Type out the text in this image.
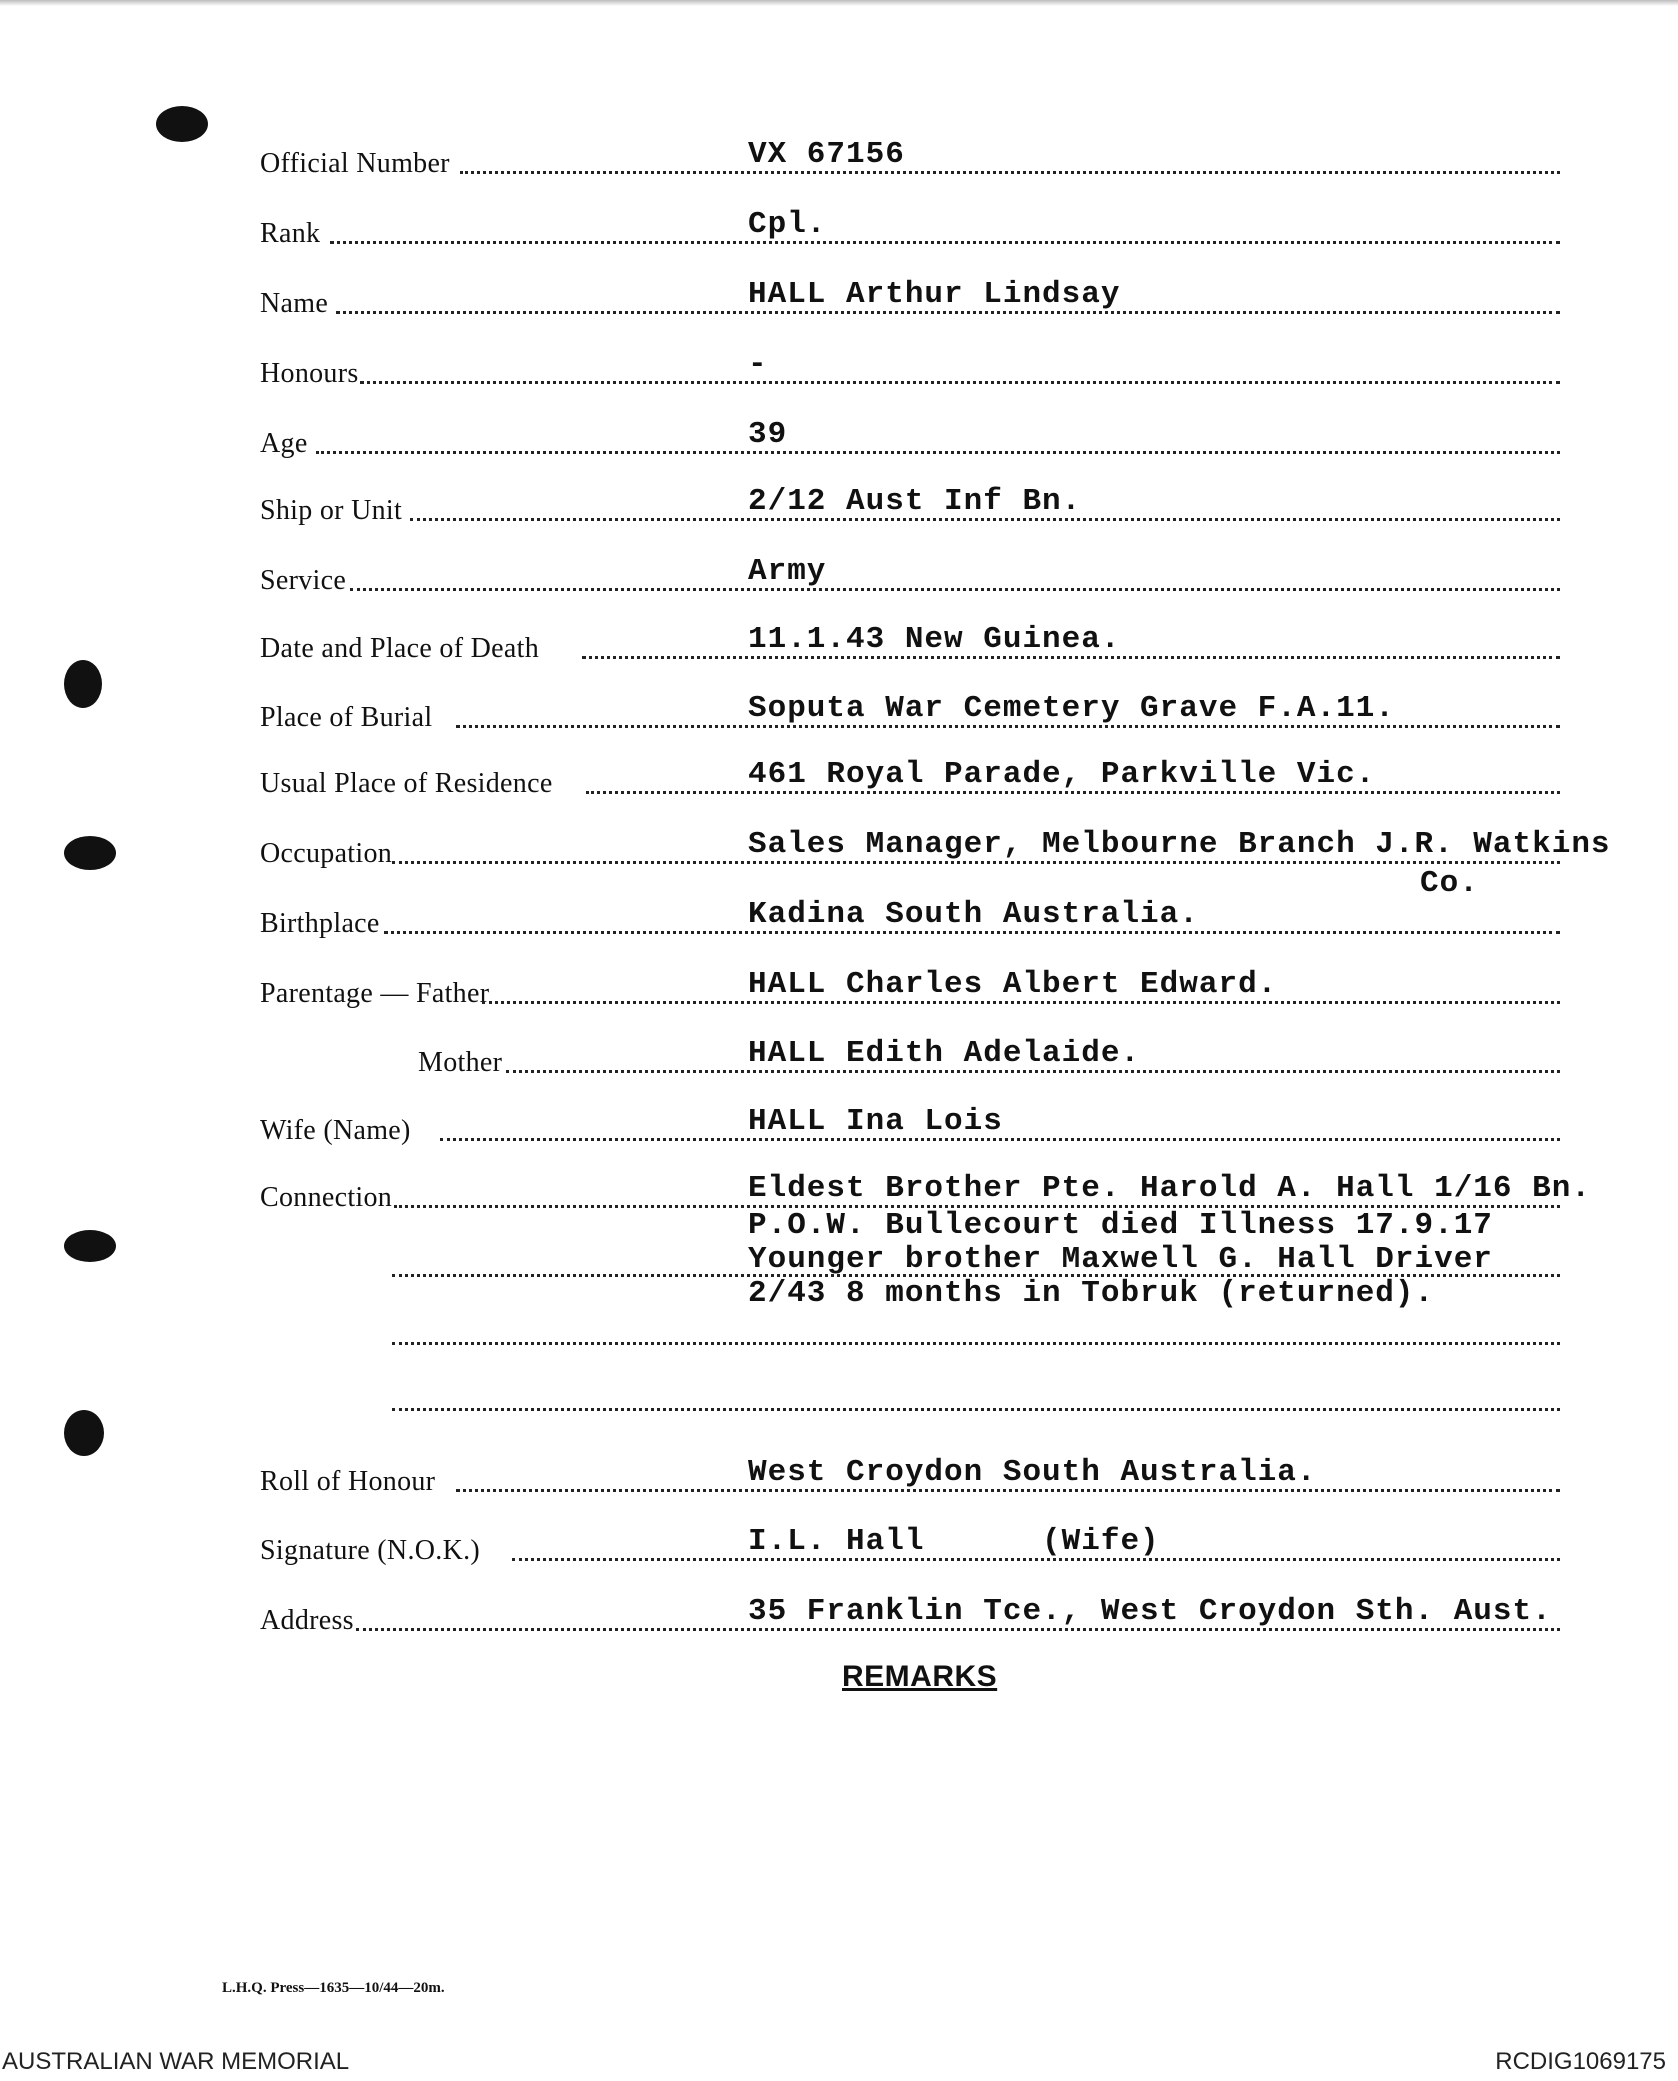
Official Number	VX 67156
Rank	Cpl.
Name	HALL Arthur Lindsay
Honours	-
Age	39
Ship or Unit	2/12 Aust Inf Bn.
Service	Army
Date and Place of Death	11.1.43 New Guinea.
Place of Burial	Soputa War Cemetery Grave F.A.11.
Usual Place of Residence	461 Royal Parade, Parkville Vic.
Occupation	Sales Manager, Melbourne Branch J.R. Watkins
Co.
Birthplace	Kadina South Australia.
Parentage — Father	HALL Charles Albert Edward.
Mother	HALL Edith Adelaide.
Wife (Name)	HALL Ina Lois
Connection	Eldest Brother Pte. Harold A. Hall 1/16 Bn.
P.O.W. Bullecourt died Illness 17.9.17
Younger brother Maxwell G. Hall Driver
2/43 8 months in Tobruk (returned).
Roll of Honour	West Croydon South Australia.
Signature (N.O.K.)	I.L. Hall      (Wife)
Address	35 Franklin Tce., West Croydon Sth. Aust.
REMARKS
L.H.Q. Press—1635—10/44—20m.
AUSTRALIAN WAR MEMORIAL	RCDIG1069175
